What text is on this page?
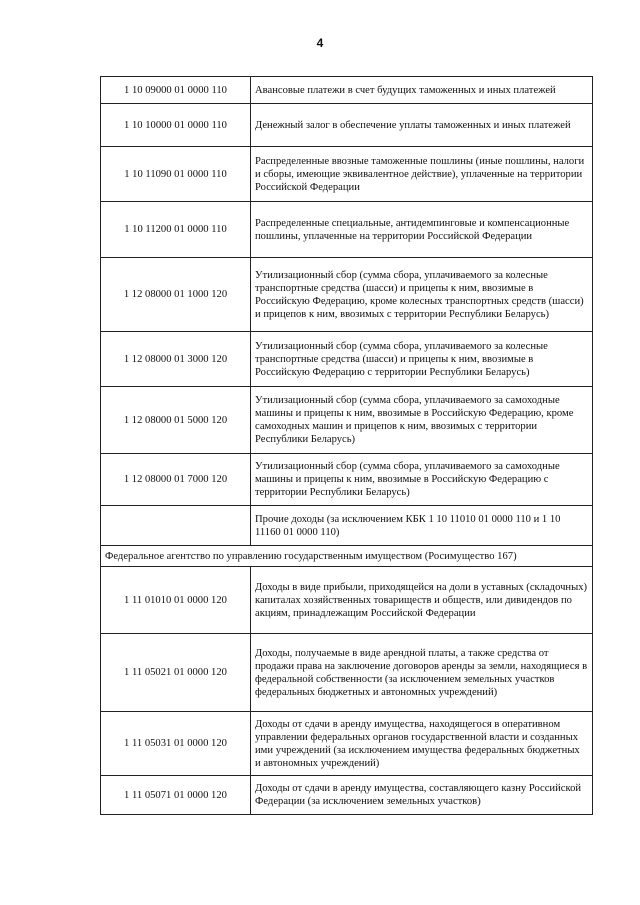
4
1 10 09000 01 0000 110	Авансовые платежи в счет будущих таможенных и иных платежей
1 10 10000 01 0000 110	Денежный залог в обеспечение уплаты таможенных и иных платежей
1 10 11090 01 0000 110	Распределенные ввозные таможенные пошлины (иные пошлины, налоги и сборы, имеющие эквивалентное действие), уплаченные на территории Российской Федерации
1 10 11200 01 0000 110	Распределенные специальные, антидемпинговые и компенсационные пошлины, уплаченные на территории Российской Федерации
1 12 08000 01 1000 120	Утилизационный сбор (сумма сбора, уплачиваемого за колесные транспортные средства (шасси) и прицепы к ним, ввозимые в Российскую Федерацию, кроме колесных транспортных средств (шасси) и прицепов к ним, ввозимых с территории Республики Беларусь)
1 12 08000 01 3000 120	Утилизационный сбор (сумма сбора, уплачиваемого за колесные транспортные средства (шасси) и прицепы к ним, ввозимые в Российскую Федерацию с территории Республики Беларусь)
1 12 08000 01 5000 120	Утилизационный сбор (сумма сбора, уплачиваемого за самоходные машины и прицепы к ним, ввозимые в Российскую Федерацию, кроме самоходных машин и прицепов к ним, ввозимых с территории Республики Беларусь)
1 12 08000 01 7000 120	Утилизационный сбор (сумма сбора, уплачиваемого за самоходные машины и прицепы к ним, ввозимые в Российскую Федерацию с территории Республики Беларусь)
	Прочие доходы (за исключением КБК 1 10 11010 01 0000 110 и 1 10 11160 01 0000 110)
Федеральное агентство по управлению государственным имуществом (Росимущество 167)	
1 11 01010 01 0000 120	Доходы в виде прибыли, приходящейся на доли в уставных (складочных) капиталах хозяйственных товариществ и обществ, или дивидендов по акциям, принадлежащим Российской Федерации
1 11 05021 01 0000 120	Доходы, получаемые в виде арендной платы, а также средства от продажи права на заключение договоров аренды за земли, находящиеся в федеральной собственности (за исключением земельных участков федеральных бюджетных и автономных учреждений)
1 11 05031 01 0000 120	Доходы от сдачи в аренду имущества, находящегося в оперативном управлении федеральных органов государственной власти и созданных ими учреждений (за исключением имущества федеральных бюджетных и автономных учреждений)
1 11 05071 01 0000 120	Доходы от сдачи в аренду имущества, составляющего казну Российской Федерации (за исключением земельных участков)
